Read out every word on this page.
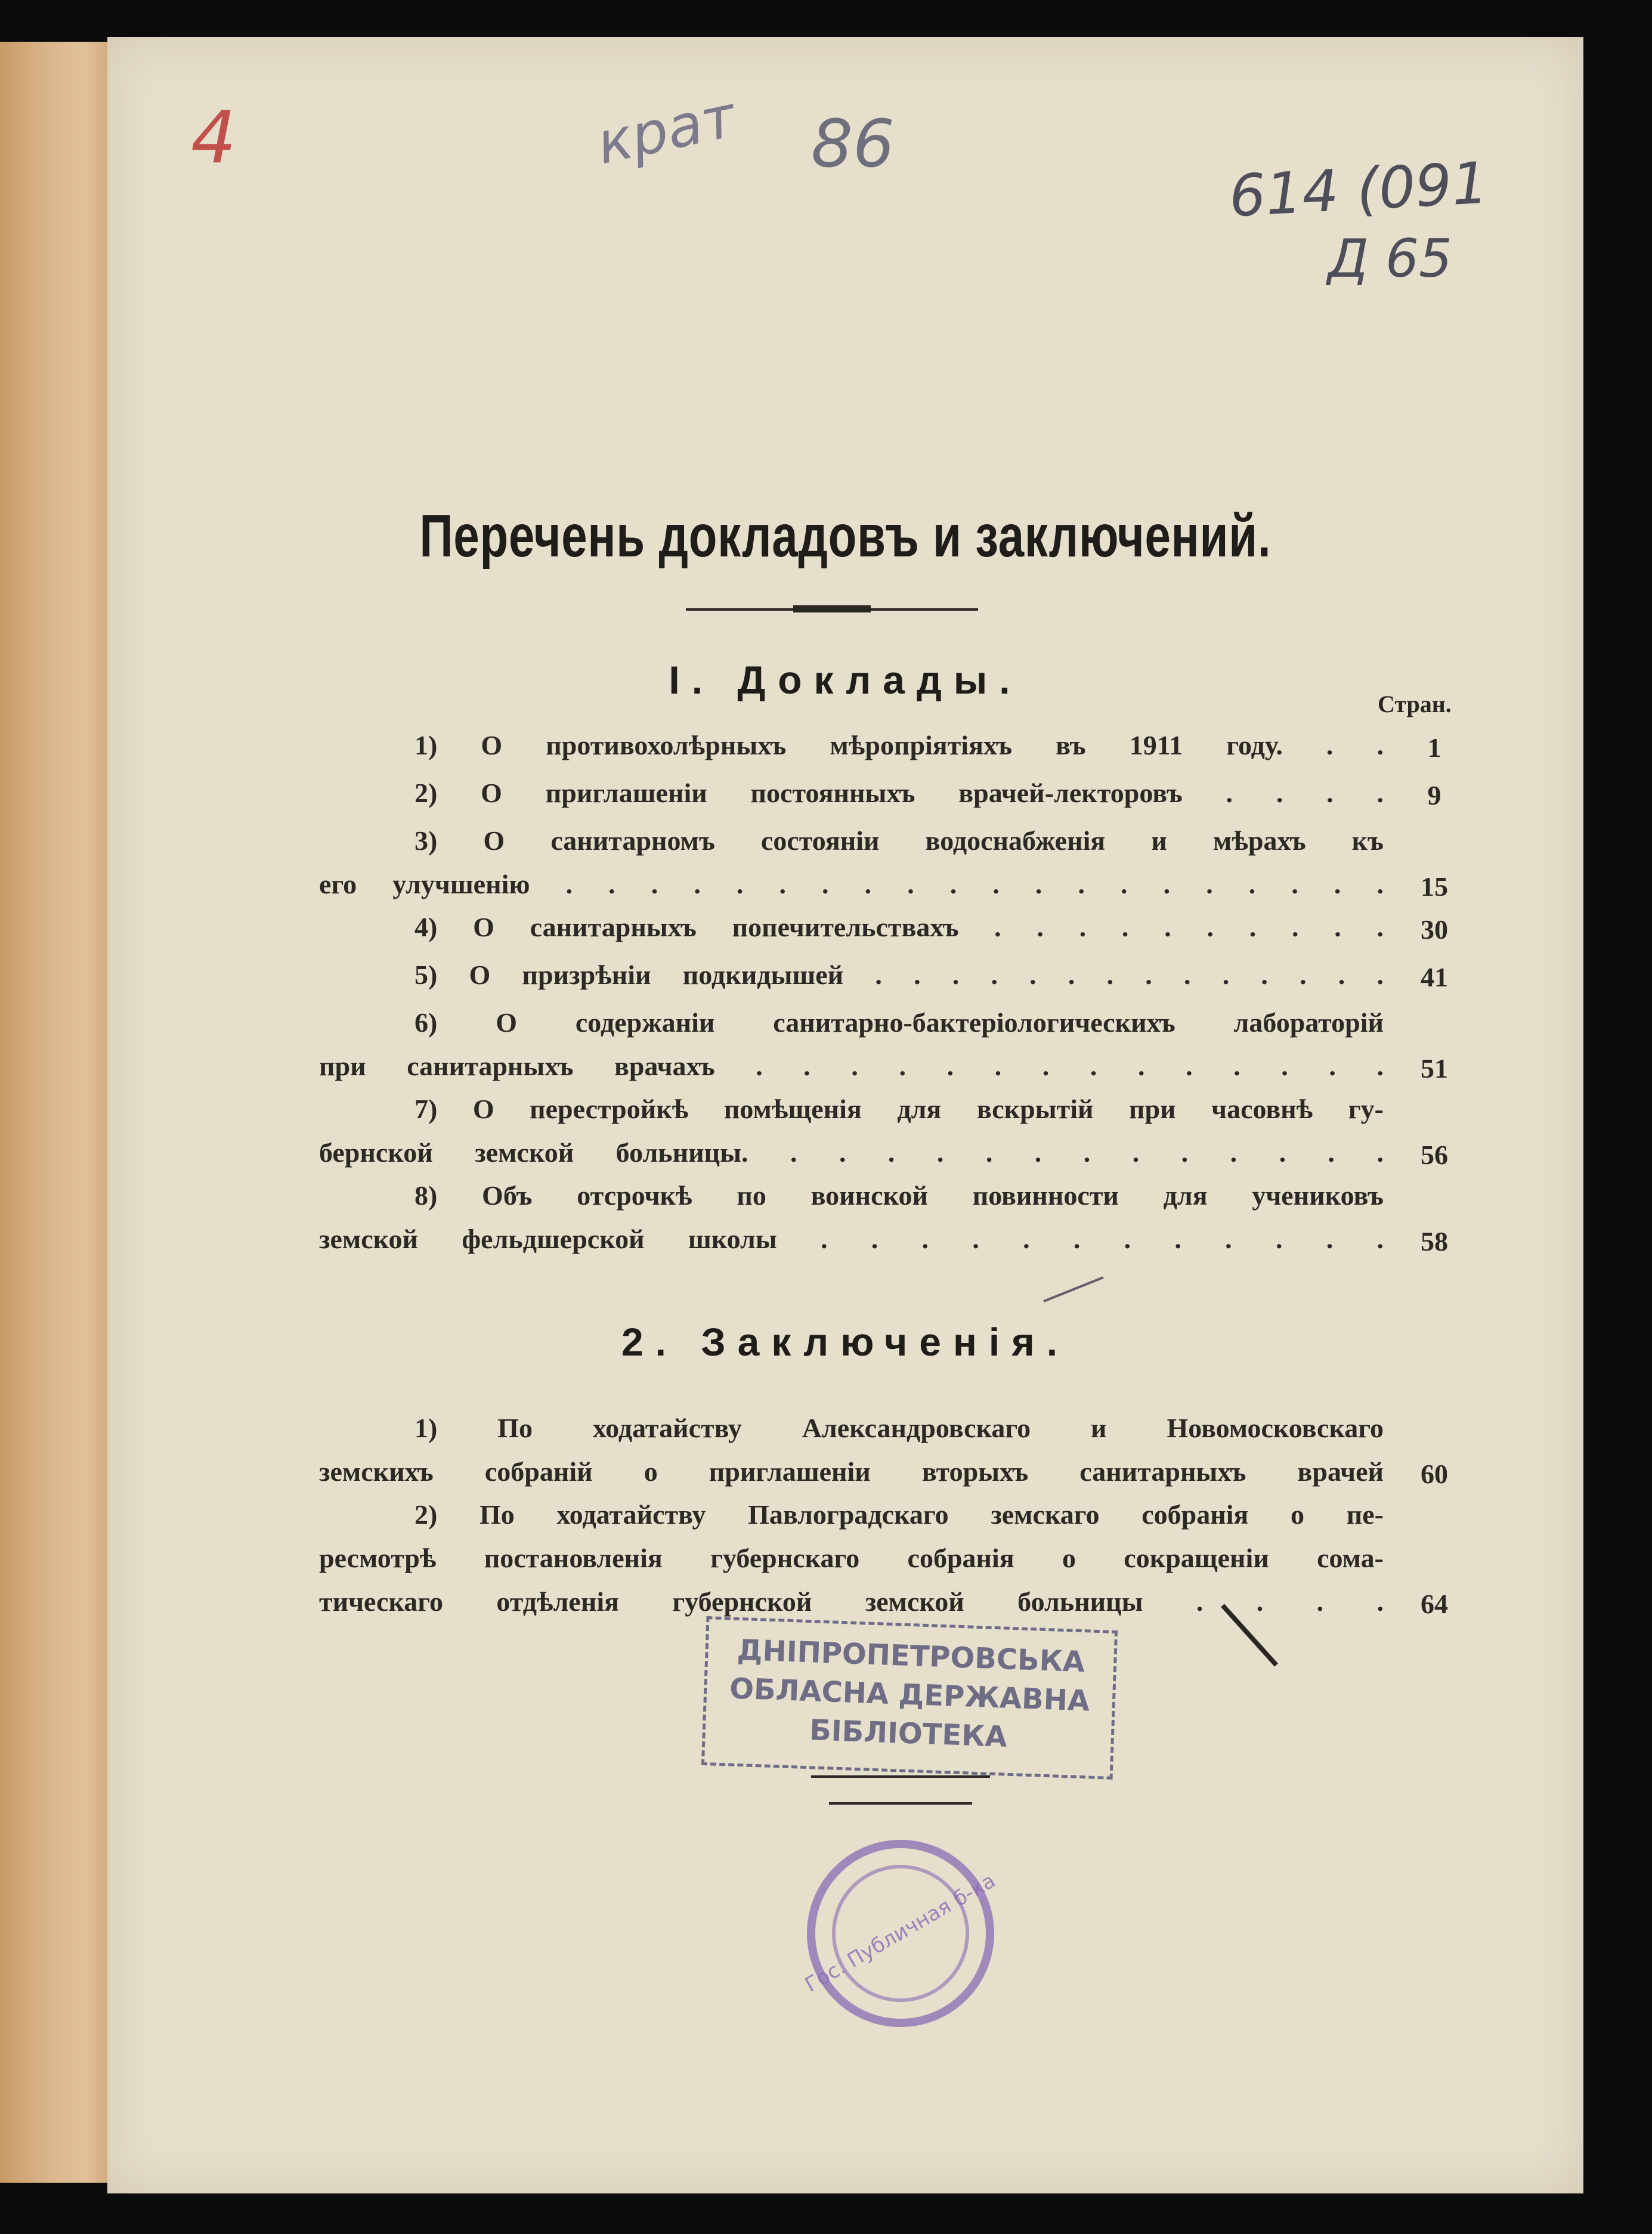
4	крат 86
614 (091
Д 65
Перечень докладовъ и заключений.
I. Доклады.
Стран.
1) О противохолѣрныхъ мѣропріятіяхъ въ 1911 году. . .	1
2) О приглашеніи постоянныхъ врачей-лекторовъ . . . .	9
3) О санитарномъ состояніи водоснабженія и мѣрахъ къ
его улучшенію . . . . . . . . . . . . . . . . . . . .	15
4) О санитарныхъ попечительствахъ . . . . . . . . . .	30
5) О призрѣніи подкидышей . . . . . . . . . . . . . .	41
6) О содержаніи санитарно-бактеріологическихъ лабораторій
при санитарныхъ врачахъ . . . . . . . . . . . . . .	51
7) О перестройкѣ помѣщенія для вскрытій при часовнѣ гу-
бернской земской больницы. . . . . . . . . . . . . .	56
8) Объ отсрочкѣ по воинской повинности для учениковъ
земской фельдшерской школы . . . . . . . . . . . .	58
2. Заключенія.
1) По ходатайству Александровскаго и Новомосковскаго
земскихъ собраній о приглашеніи вторыхъ санитарныхъ врачей	60
2) По ходатайству Павлоградскаго земскаго собранія о пе-
ресмотрѣ постановленія губернскаго собранія о сокращеніи сома-
тическаго отдѣленія губернской земской больницы . . . .	64
ДНІПРОПЕТРОВСЬКА
ОБЛАСНА ДЕРЖАВНА
БІБЛІОТЕКА
Гос. Публичная б-ка
